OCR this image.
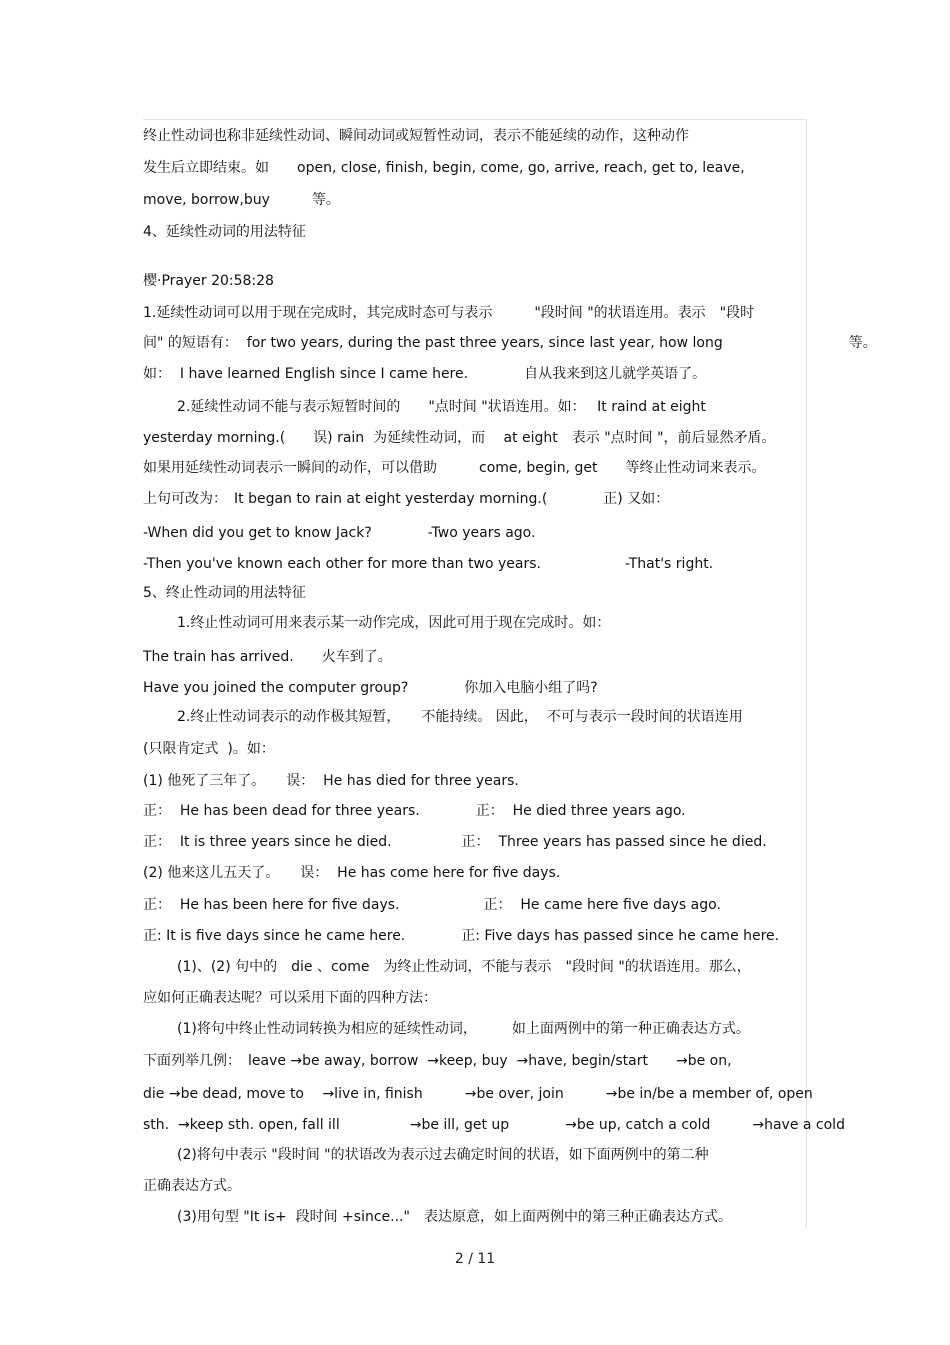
终止性动词也称非延续性动词、瞬间动词或短暂性动词，表示不能延续的动作，这种动作

发生后立即结束。如　　open, close, finish, begin, come, go, arrive, reach, get to, leave,

move, borrow,buy　　　等。

4、延续性动词的用法特征

樱·Prayer 20:58:28

1.延续性动词可以用于现在完成时，其完成时态可与表示　　　"段时间 "的状语连用。表示　"段时

间" 的短语有：  for two years, during the past three years, since last year, how long　　　　　　　　　等。

如：  I have learned English since I came here.　　　　自从我来到这儿就学英语了。

2.延续性动词不能与表示短暂时间的　　"点时间 "状语连用。如：　 It raind at eight

yesterday morning.(　　误) rain  为延续性动词，而　 at eight　表示 "点时间 "，前后显然矛盾。

如果用延续性动词表示一瞬间的动作，可以借助　　　come, begin, get　　等终止性动词来表示。

上句可改为：　It began to rain at eight yesterday morning.(　　　　正) 又如：

-When did you get to know Jack?　　　　-Two years ago.

-Then you've known each other for more than two years.　　　　　　-That's right.

5、终止性动词的用法特征

1.终止性动词可用来表示某一动作完成，因此可用于现在完成时。如：

The train has arrived.　　火车到了。

Have you joined the computer group?　　　　你加入电脑小组了吗?

2.终止性动词表示的动作极其短暂，　　不能持续。 因此，  不可与表示一段时间的状语连用

(只限肯定式  )。如：

(1) 他死了三年了。　　误：  He has died for three years.

正：  He has been dead for three years.　　　　正：  He died three years ago.

正：  It is three years since he died.　　　　　正：  Three years has passed since he died.

(2) 他来这儿五天了。　　误：  He has come here for five days.

正：  He has been here for five days.　　　　　　正：  He came here five days ago.

正: It is five days since he came here.　　　　正: Five days has passed since he came here.

(1)、(2) 句中的　die 、come　为终止性动词，不能与表示　"段时间 "的状语连用。那么，

应如何正确表达呢？可以采用下面的四种方法：

(1)将句中终止性动词转换为相应的延续性动词，　　　如上面两例中的第一种正确表达方式。

下面列举几例：　leave →be away, borrow  →keep, buy  →have, begin/start　　→be on,

die →be dead, move to　 →live in, finish　　　→be over, join　　　→be in/be a member of, open

sth.  →keep sth. open, fall ill　　　　　→be ill, get up　　　　→be up, catch a cold　　　→have a cold

(2)将句中表示 "段时间 "的状语改为表示过去确定时间的状语，如下面两例中的第二种

正确表达方式。

(3)用句型 "It is+  段时间 +since..."　表达原意，如上面两例中的第三种正确表达方式。

2 / 11
